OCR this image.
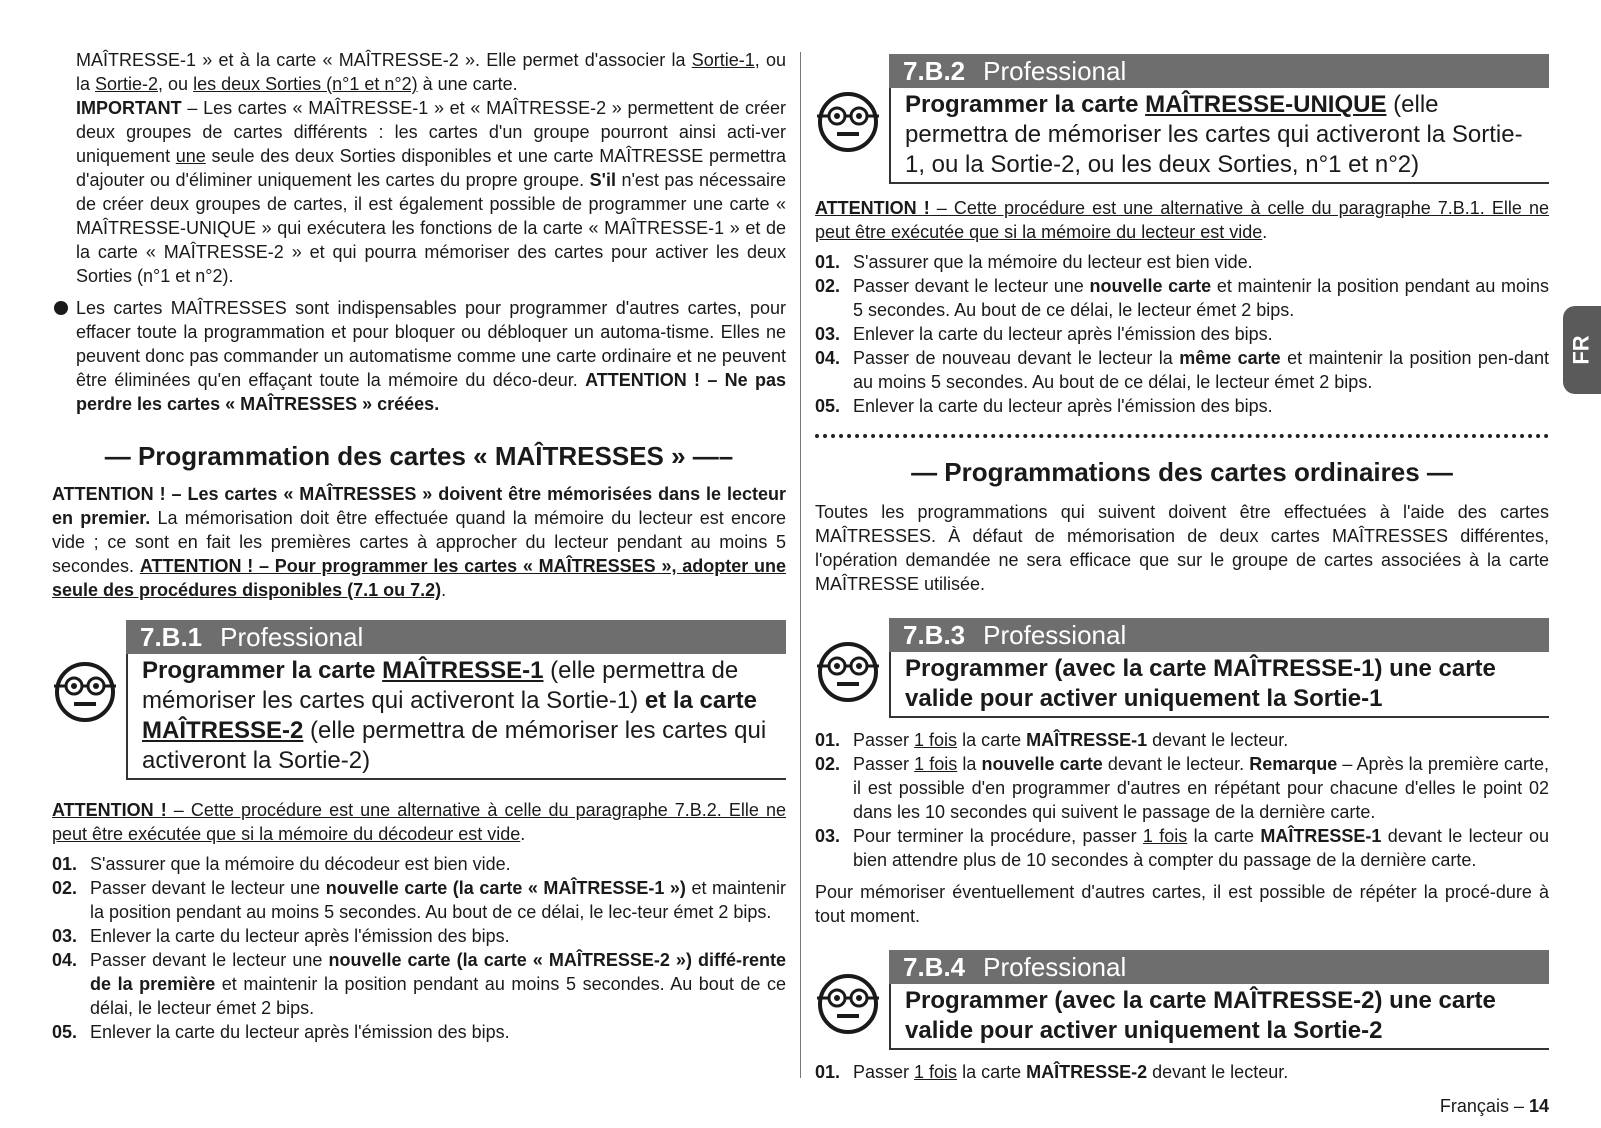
MAÎTRESSE-1 » et à la carte « MAÎTRESSE-2 ». Elle permet d'associer la Sortie-1, ou la Sortie-2, ou les deux Sorties (n°1 et n°2) à une carte.
IMPORTANT – Les cartes « MAÎTRESSE-1 » et « MAÎTRESSE-2 » permettent de créer deux groupes de cartes différents : les cartes d'un groupe pourront ainsi acti-ver uniquement une seule des deux Sorties disponibles et une carte MAÎTRESSE permettra d'ajouter ou d'éliminer uniquement les cartes du propre groupe. S'il n'est pas nécessaire de créer deux groupes de cartes, il est également possible de programmer une carte « MAÎTRESSE-UNIQUE » qui exécutera les fonctions de la carte « MAÎTRESSE-1 » et de la carte « MAÎTRESSE-2 » et qui pourra mémoriser des cartes pour activer les deux Sorties (n°1 et n°2).
Les cartes MAÎTRESSES sont indispensables pour programmer d'autres cartes, pour effacer toute la programmation et pour bloquer ou débloquer un automa-tisme. Elles ne peuvent donc pas commander un automatisme comme une carte ordinaire et ne peuvent être éliminées qu'en effaçant toute la mémoire du déco-deur. ATTENTION ! – Ne pas perdre les cartes « MAÎTRESSES » créées.
— Programmation des cartes « MAÎTRESSES » —–
ATTENTION ! – Les cartes « MAÎTRESSES » doivent être mémorisées dans le lecteur en premier. La mémorisation doit être effectuée quand la mémoire du lecteur est encore vide ; ce sont en fait les premières cartes à approcher du lecteur pendant au moins 5 secondes. ATTENTION ! – Pour programmer les cartes « MAÎTRESSES », adopter une seule des procédures disponibles (7.1 ou 7.2).
7.B.1 Professional
Programmer la carte MAÎTRESSE-1 (elle permettra de mémoriser les cartes qui activeront la Sortie-1) et la carte
MAÎTRESSE-2 (elle permettra de mémoriser les cartes qui activeront la Sortie-2)
ATTENTION ! – Cette procédure est une alternative à celle du paragraphe 7.B.2. Elle ne peut être exécutée que si la mémoire du décodeur est vide.
01. S'assurer que la mémoire du décodeur est bien vide.
02. Passer devant le lecteur une nouvelle carte (la carte « MAÎTRESSE-1 ») et maintenir la position pendant au moins 5 secondes. Au bout de ce délai, le lec-teur émet 2 bips.
03. Enlever la carte du lecteur après l'émission des bips.
04. Passer devant le lecteur une nouvelle carte (la carte « MAÎTRESSE-2 ») diffé-rente de la première et maintenir la position pendant au moins 5 secondes. Au bout de ce délai, le lecteur émet 2 bips.
05. Enlever la carte du lecteur après l'émission des bips.
7.B.2 Professional
Programmer la carte MAÎTRESSE-UNIQUE (elle permettra de mémoriser les cartes qui activeront la Sortie-1, ou la Sortie-2, ou les deux Sorties, n°1 et n°2)
ATTENTION ! – Cette procédure est une alternative à celle du paragraphe 7.B.1. Elle ne peut être exécutée que si la mémoire du lecteur est vide.
01. S'assurer que la mémoire du lecteur est bien vide.
02. Passer devant le lecteur une nouvelle carte et maintenir la position pendant au moins 5 secondes. Au bout de ce délai, le lecteur émet 2 bips.
03. Enlever la carte du lecteur après l'émission des bips.
04. Passer de nouveau devant le lecteur la même carte et maintenir la position pen-dant au moins 5 secondes. Au bout de ce délai, le lecteur émet 2 bips.
05. Enlever la carte du lecteur après l'émission des bips.
— Programmations des cartes ordinaires —
Toutes les programmations qui suivent doivent être effectuées à l'aide des cartes MAÎTRESSES. À défaut de mémorisation de deux cartes MAÎTRESSES différentes, l'opération demandée ne sera efficace que sur le groupe de cartes associées à la carte MAÎTRESSE utilisée.
7.B.3 Professional
Programmer (avec la carte MAÎTRESSE-1) une carte valide pour activer uniquement la Sortie-1
01. Passer 1 fois la carte MAÎTRESSE-1 devant le lecteur.
02. Passer 1 fois la nouvelle carte devant le lecteur. Remarque – Après la première carte, il est possible d'en programmer d'autres en répétant pour chacune d'elles le point 02 dans les 10 secondes qui suivent le passage de la dernière carte.
03. Pour terminer la procédure, passer 1 fois la carte MAÎTRESSE-1 devant le lecteur ou bien attendre plus de 10 secondes à compter du passage de la dernière carte.
Pour mémoriser éventuellement d'autres cartes, il est possible de répéter la procé-dure à tout moment.
7.B.4 Professional
Programmer (avec la carte MAÎTRESSE-2) une carte valide pour activer uniquement la Sortie-2
01. Passer 1 fois la carte MAÎTRESSE-2 devant le lecteur.
FR
Français – 14
